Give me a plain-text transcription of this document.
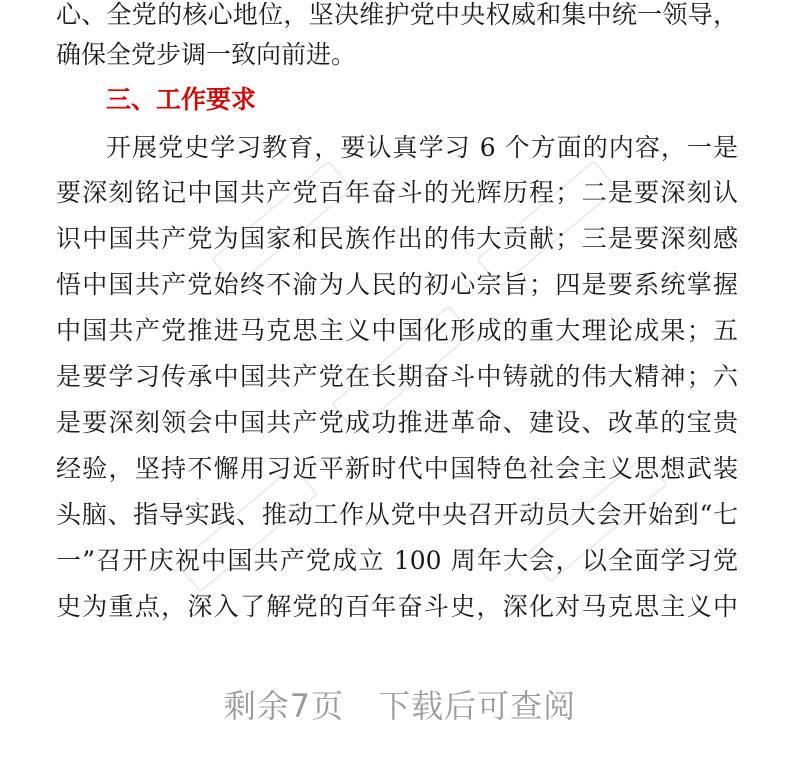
心、全党的核心地位，坚决维护党中央权威和集中统一领导，
确保全党步调一致向前进。
三、工作要求
开展党史学习教育，要认真学习 6 个方面的内容，一是
要深刻铭记中国共产党百年奋斗的光辉历程；二是要深刻认
识中国共产党为国家和民族作出的伟大贡献；三是要深刻感
悟中国共产党始终不渝为人民的初心宗旨；四是要系统掌握
中国共产党推进马克思主义中国化形成的重大理论成果；五
是要学习传承中国共产党在长期奋斗中铸就的伟大精神；六
是要深刻领会中国共产党成功推进革命、建设、改革的宝贵
经验，坚持不懈用习近平新时代中国特色社会主义思想武装
头脑、指导实践、推动工作从党中央召开动员大会开始到“七
一”召开庆祝中国共产党成立 100 周年大会，以全面学习党
史为重点，深入了解党的百年奋斗史，深化对马克思主义中
剩余7页 下载后可查阅
